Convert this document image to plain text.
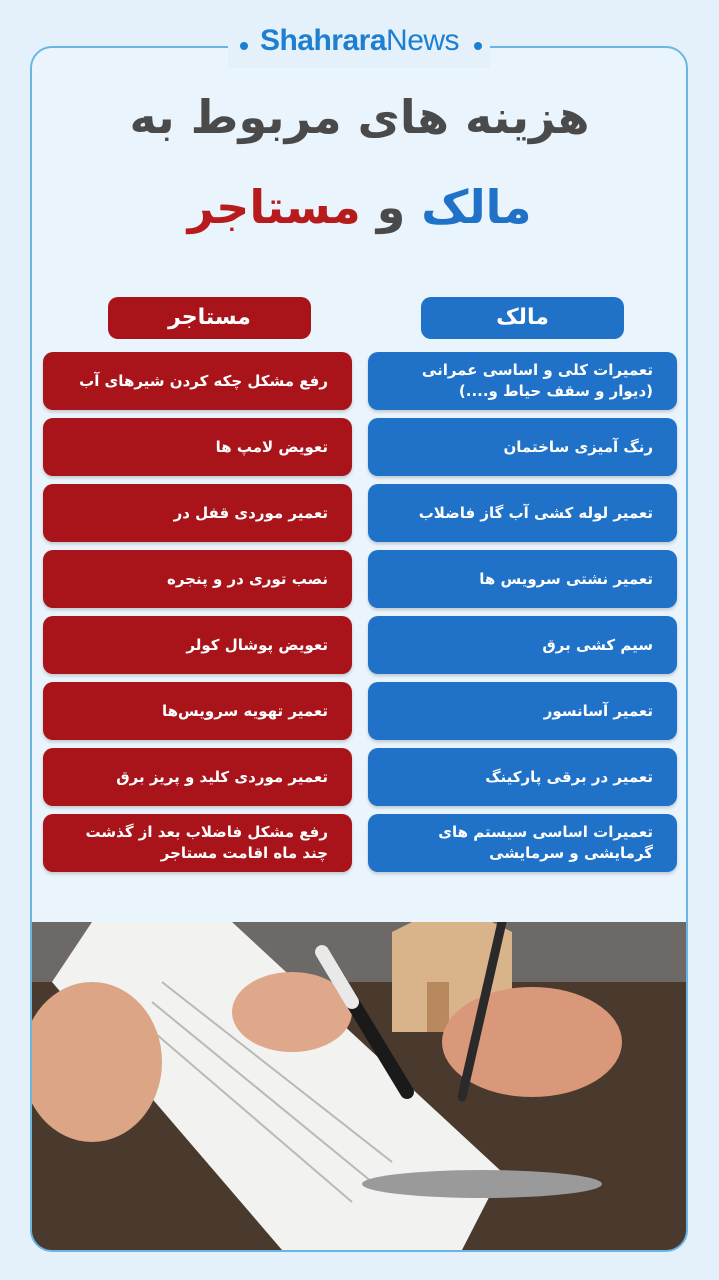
ShahraraNews
هزینه های مربوط به
مالک و مستاجر
مالک
مستاجر
تعمیرات کلی و اساسی عمرانی (دیوار و سقف حیاط و....)
رنگ آمیزی ساختمان
تعمیر لوله کشی آب گاز فاضلاب
تعمیر نشتی سرویس ها
سیم کشی برق
تعمیر آسانسور
تعمیر در برقی پارکینگ
تعمیرات اساسی سیستم های گرمایشی و سرمایشی
رفع مشکل چکه کردن شیرهای آب
تعویض لامپ ها
تعمیر موردی قفل در
نصب توری در و پنجره
تعویض پوشال کولر
تعمیر تهویه سرویس‌ها
تعمیر موردی کلید و پریز برق
رفع مشکل فاضلاب بعد از گذشت چند ماه اقامت مستاجر
